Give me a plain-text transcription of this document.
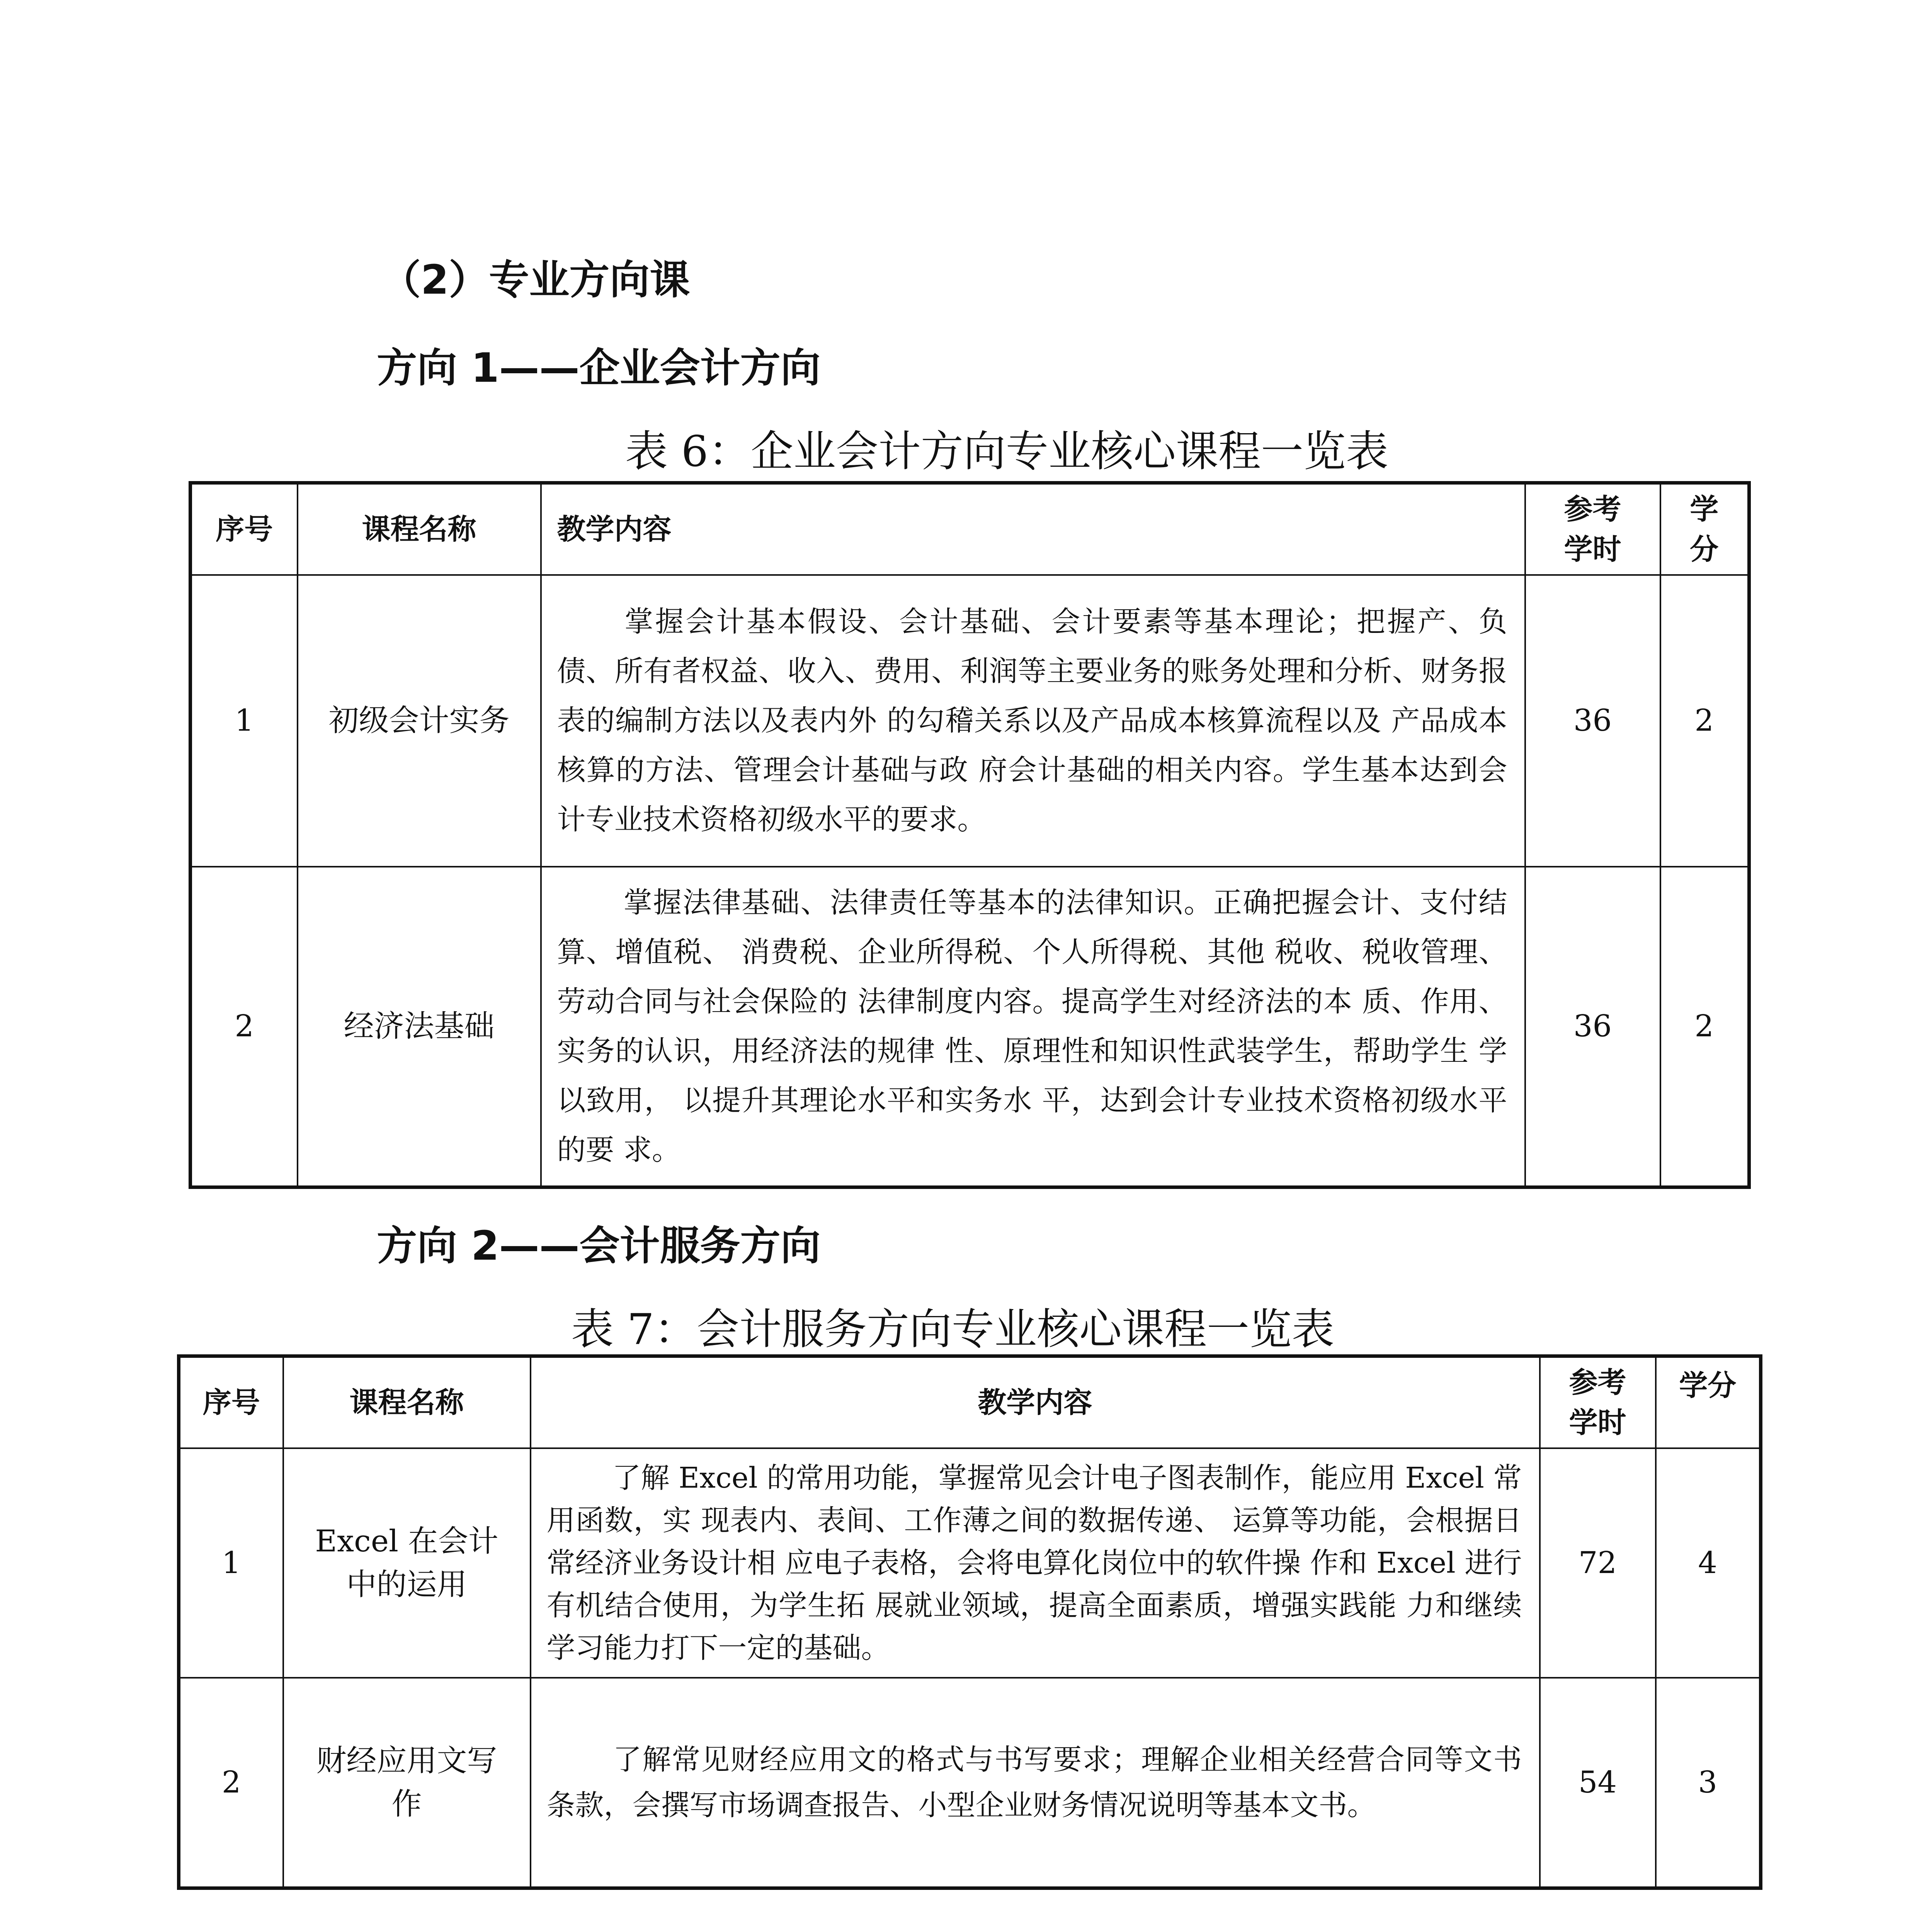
（2）专业方向课
方向 1——企业会计方向
表 6：企业会计方向专业核心课程一览表
序号	课程名称	教学内容	参考学时	学分
1	初级会计实务	掌握会计基本假设、会计基础、会计要素等基本理论；把握产、负债、所有者权益、收入、费用、利润等主要业务的账务处理和分析、财务报表的编制方法以及表内外 的勾稽关系以及产品成本核算流程以及 产品成本核算的方法、管理会计基础与政 府会计基础的相关内容。学生基本达到会 计专业技术资格初级水平的要求。	36	2
2	经济法基础	掌握法律基础、法律责任等基本的法律知识。正确把握会计、支付结算、增值税、 消费税、企业所得税、个人所得税、其他 税收、税收管理、劳动合同与社会保险的 法律制度内容。提高学生对经济法的本 质、作用、实务的认识，用经济法的规律 性、原理性和知识性武装学生，帮助学生 学以致用， 以提升其理论水平和实务水 平，达到会计专业技术资格初级水平的要 求。	36	2
方向 2——会计服务方向
表 7：会计服务方向专业核心课程一览表
序号	课程名称	教学内容	参考学时	学分
1	Excel 在会计中的运用	了解 Excel 的常用功能，掌握常见会计电子图表制作，能应用 Excel 常用函数，实 现表内、表间、工作薄之间的数据传递、 运算等功能，会根据日常经济业务设计相 应电子表格，会将电算化岗位中的软件操 作和 Excel 进行有机结合使用，为学生拓 展就业领域，提高全面素质，增强实践能 力和继续学习能力打下一定的基础。	72	4
2	财经应用文写作	了解常见财经应用文的格式与书写要求；理解企业相关经营合同等文书条款，会撰写市场调查报告、小型企业财务情况说明等基本文书。	54	3
